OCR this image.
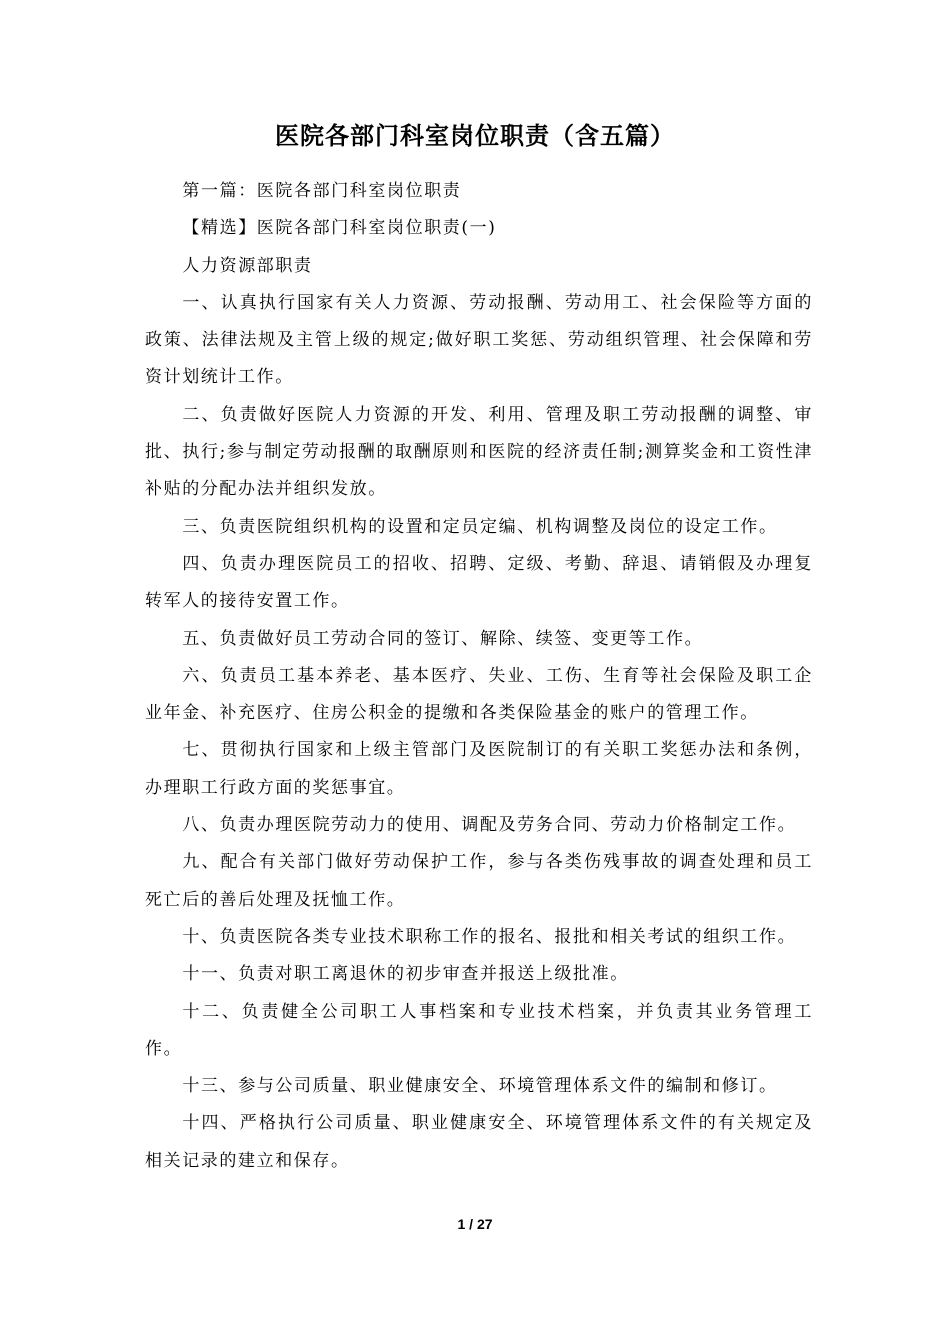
医院各部门科室岗位职责（含五篇）

第一篇：医院各部门科室岗位职责

【精选】医院各部门科室岗位职责(一)

人力资源部职责

一、认真执行国家有关人力资源、劳动报酬、劳动用工、社会保险等方面的政策、法律法规及主管上级的规定;做好职工奖惩、劳动组织管理、社会保障和劳资计划统计工作。

二、负责做好医院人力资源的开发、利用、管理及职工劳动报酬的调整、审批、执行;参与制定劳动报酬的取酬原则和医院的经济责任制;测算奖金和工资性津补贴的分配办法并组织发放。

三、负责医院组织机构的设置和定员定编、机构调整及岗位的设定工作。

四、负责办理医院员工的招收、招聘、定级、考勤、辞退、请销假及办理复转军人的接待安置工作。

五、负责做好员工劳动合同的签订、解除、续签、变更等工作。

六、负责员工基本养老、基本医疗、失业、工伤、生育等社会保险及职工企业年金、补充医疗、住房公积金的提缴和各类保险基金的账户的管理工作。

七、贯彻执行国家和上级主管部门及医院制订的有关职工奖惩办法和条例，办理职工行政方面的奖惩事宜。

八、负责办理医院劳动力的使用、调配及劳务合同、劳动力价格制定工作。

九、配合有关部门做好劳动保护工作，参与各类伤残事故的调查处理和员工死亡后的善后处理及抚恤工作。

十、负责医院各类专业技术职称工作的报名、报批和相关考试的组织工作。

十一、负责对职工离退休的初步审查并报送上级批准。

十二、负责健全公司职工人事档案和专业技术档案，并负责其业务管理工作。

十三、参与公司质量、职业健康安全、环境管理体系文件的编制和修订。

十四、严格执行公司质量、职业健康安全、环境管理体系文件的有关规定及相关记录的建立和保存。

1 / 27
